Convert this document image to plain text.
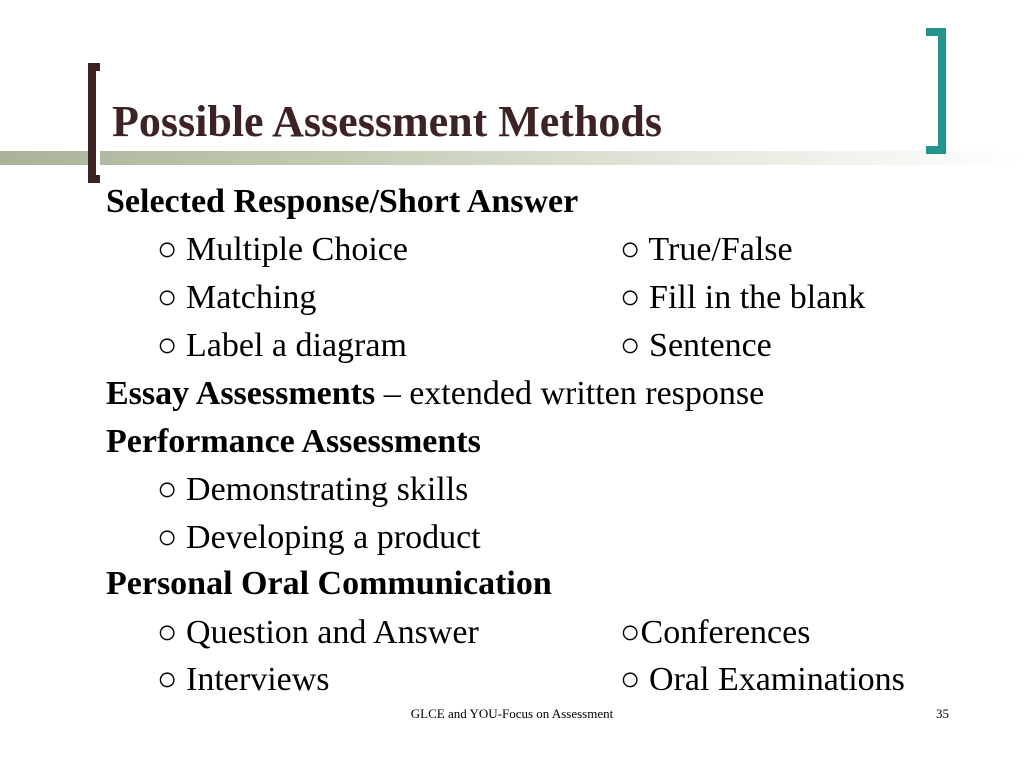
Possible Assessment Methods
Selected Response/Short Answer
○ Multiple Choice	○ True/False
○ Matching	○ Fill in the blank
○ Label a diagram	○ Sentence
Essay Assessments – extended written response
Performance Assessments
○ Demonstrating skills
○ Developing a product
Personal Oral Communication
○ Question and Answer	○Conferences
○ Interviews	○ Oral Examinations
GLCE and YOU-Focus on Assessment	35
